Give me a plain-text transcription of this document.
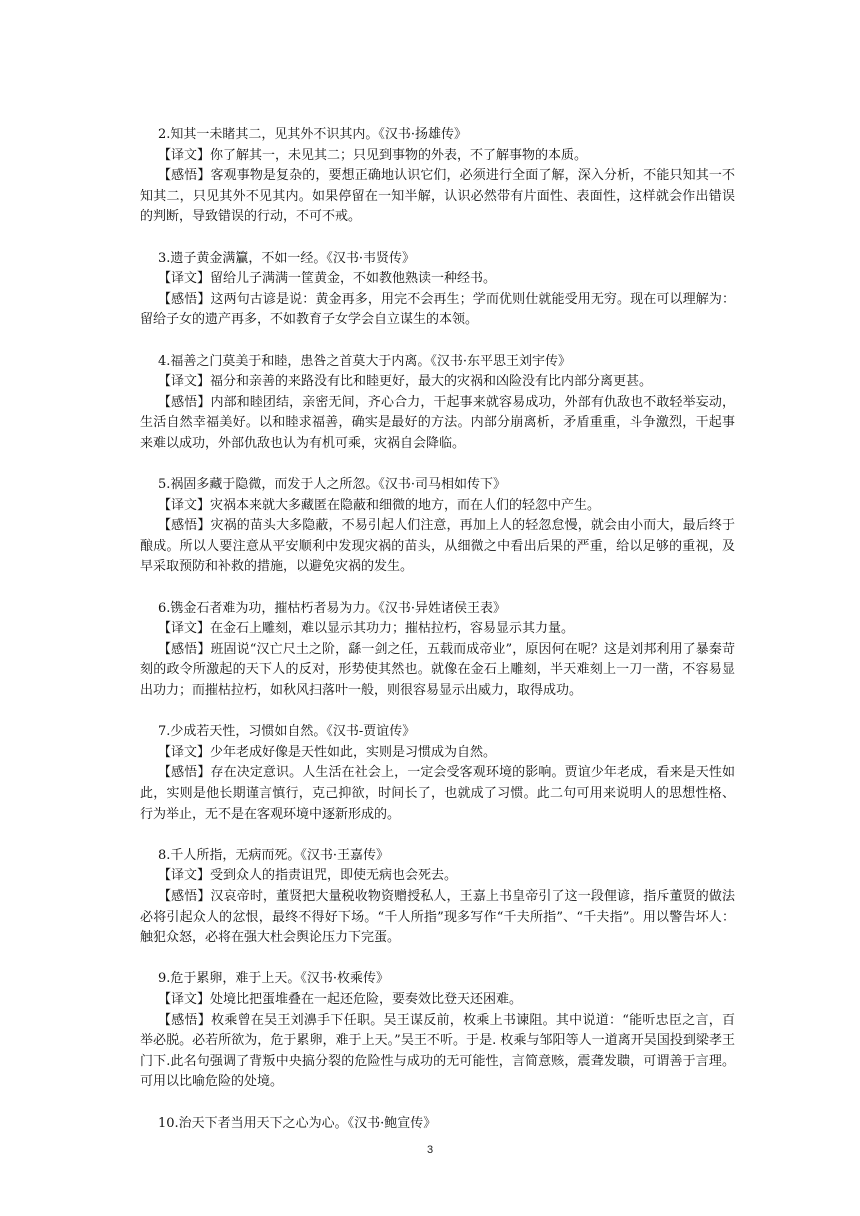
2.知其一未睹其二，见其外不识其内。《汉书·扬雄传》

【译文】你了解其一，未见其二；只见到事物的外表，不了解事物的本质。

【感悟】客观事物是复杂的，要想正确地认识它们，必须进行全面了解，深入分析，不能只知其一不知其二，只见其外不见其内。如果停留在一知半解，认识必然带有片面性、表面性，这样就会作出错误的判断，导致错误的行动，不可不戒。

3.遗子黄金满籯，不如一经。《汉书·韦贤传》

【译文】留给儿子满满一筐黄金，不如教他熟读一种经书。

【感悟】这两句古谚是说：黄金再多，用完不会再生；学而优则仕就能受用无穷。现在可以理解为：留给子女的遗产再多，不如教育子女学会自立谋生的本领。

4.福善之门莫美于和睦，患咎之首莫大于内离。《汉书·东平思王刘宇传》

【译文】福分和亲善的来路没有比和睦更好，最大的灾祸和凶险没有比内部分离更甚。

【感悟】内部和睦团结，亲密无间，齐心合力，干起事来就容易成功，外部有仇敌也不敢轻举妄动，生活自然幸福美好。以和睦求福善，确实是最好的方法。内部分崩离析，矛盾重重，斗争激烈，干起事来难以成功，外部仇敌也认为有机可乘，灾祸自会降临。

5.祸固多藏于隐微，而发于人之所忽。《汉书·司马相如传下》

【译文】灾祸本来就大多藏匿在隐蔽和细微的地方，而在人们的轻忽中产生。

【感悟】灾祸的苗头大多隐蔽，不易引起人们注意，再加上人的轻忽怠慢，就会由小而大，最后终于酿成。所以人要注意从平安顺利中发现灾祸的苗头，从细微之中看出后果的严重，给以足够的重视，及早采取预防和补救的措施，以避免灾祸的发生。

6.镌金石者难为功，摧枯朽者易为力。《汉书·异姓诸侯王表》

【译文】在金石上雕刻，难以显示其功力；摧枯拉朽，容易显示其力量。

【感悟】班固说“汉亡尺土之阶，繇一剑之任，五载而成帝业”，原因何在呢？这是刘邦利用了暴秦苛刻的政令所激起的天下人的反对，形势使其然也。就像在金石上雕刻，半天难刻上一刀一凿，不容易显出功力；而摧枯拉朽，如秋风扫落叶一般，则很容易显示出威力，取得成功。

7.少成若天性，习惯如自然。《汉书-贾谊传》

【译文】少年老成好像是天性如此，实则是习惯成为自然。

【感悟】存在决定意识。人生活在社会上，一定会受客观环境的影响。贾谊少年老成，看来是天性如此，实则是他长期谨言慎行，克己抑欲，时间长了，也就成了习惯。此二句可用来说明人的思想性格、行为举止，无不是在客观环境中逐新形成的。

8.千人所指，无病而死。《汉书·王嘉传》

【译文】受到众人的指责诅咒，即使无病也会死去。

【感悟】汉哀帝时，董贤把大量税收物资赠授私人，王嘉上书皇帝引了这一段俚谚，指斥董贤的做法必将引起众人的忿恨，最终不得好下场。“千人所指”现多写作“千夫所指”、“千夫指”。用以警告坏人：触犯众怒，必将在强大杜会舆论压力下完蛋。

9.危于累卵，难于上天。《汉书·枚乘传》

【译文】处境比把蛋堆叠在一起还危险，要奏效比登天还困难。

【感悟】枚乘曾在吴王刘濞手下任职。吴王谋反前，枚乘上书谏阻。其中说道：“能听忠臣之言，百举必脱。必若所欲为，危于累卵，难于上天。”吴王不听。于是. 枚乘与邹阳等人一道离开吴国投到梁孝王门下.此名句强调了背叛中央搞分裂的危险性与成功的无可能性，言简意赅，震聋发聩，可谓善于言理。可用以比喻危险的处境。

10.治天下者当用天下之心为心。《汉书·鲍宣传》

3
